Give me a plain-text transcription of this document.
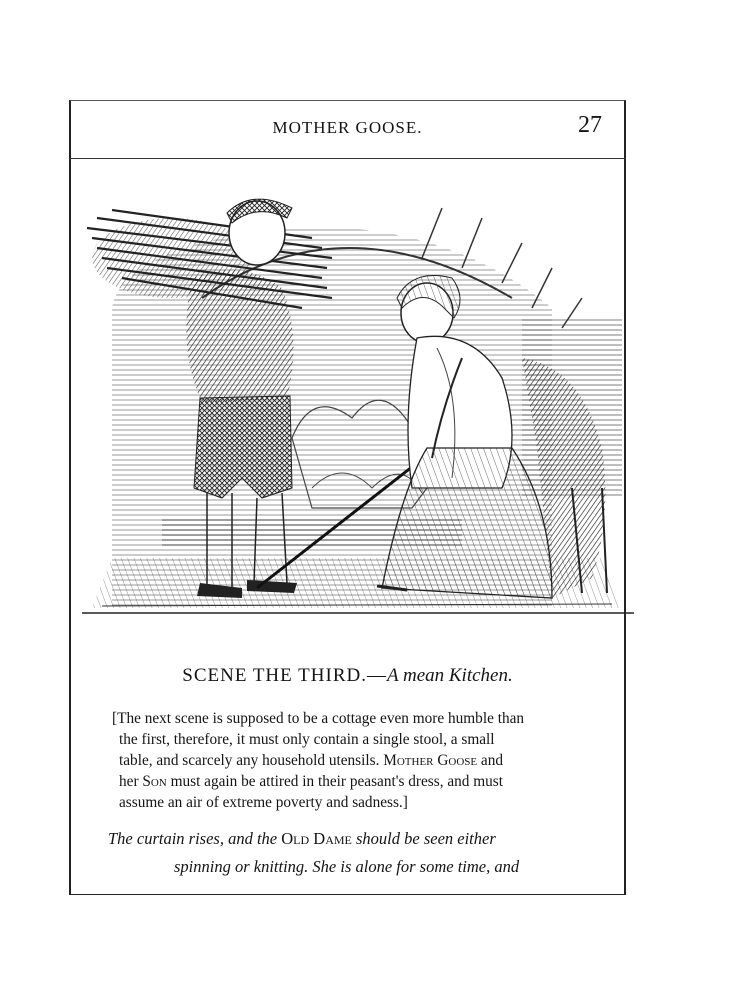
MOTHER GOOSE.	27
SCENE THE THIRD.—A mean Kitchen.
[The next scene is supposed to be a cottage even more humble than
the first, therefore, it must only contain a single stool, a small
table, and scarcely any household utensils. Mother Goose and
her Son must again be attired in their peasant's dress, and must
assume an air of extreme poverty and sadness.]
The curtain rises, and the Old Dame should be seen either
spinning or knitting. She is alone for some time, and
